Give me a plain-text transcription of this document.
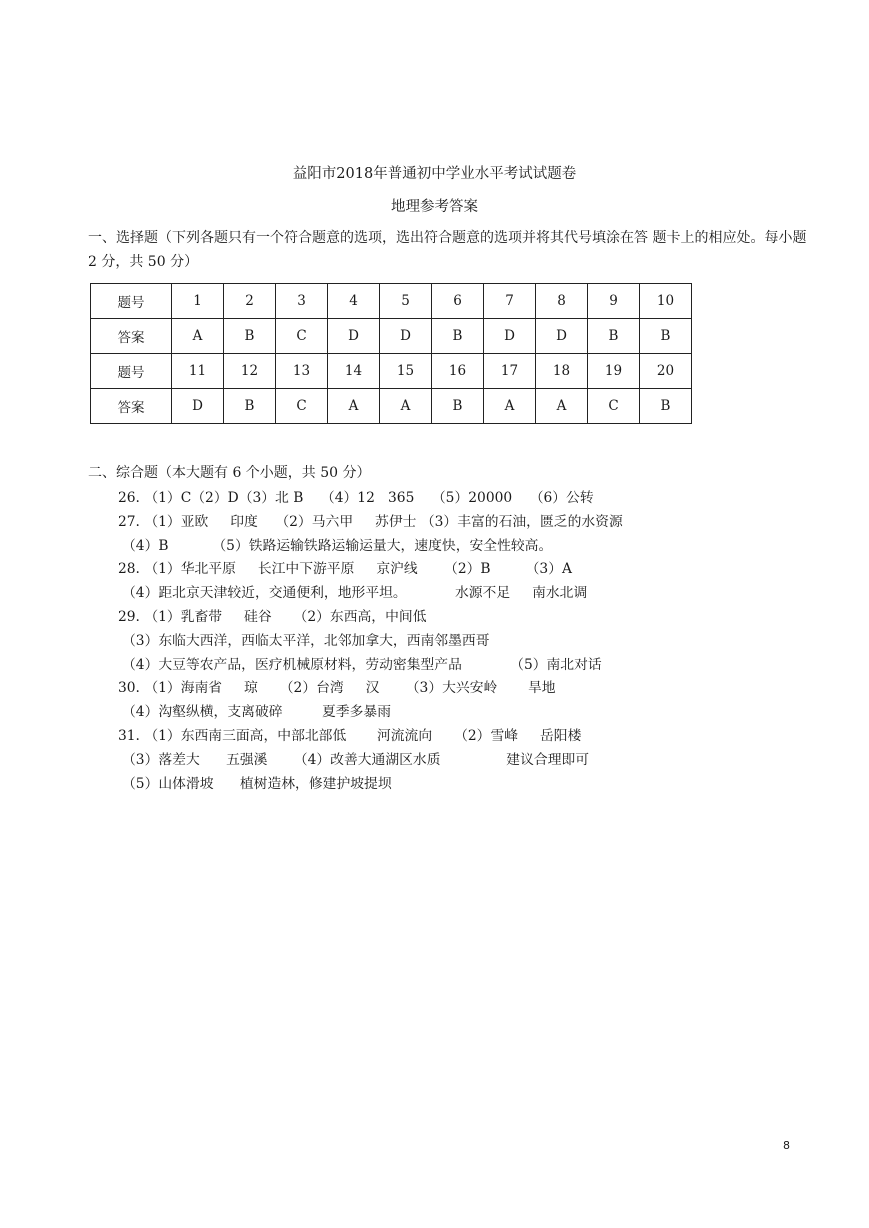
益阳市2018年普通初中学业水平考试试题卷
地理参考答案
一、选择题（下列各题只有一个符合题意的选项，选出符合题意的选项并将其代号填涂在答 题卡上的相应处。每小题 2 分，共 50 分）
题号	1	2	3	4	5	6	7	8	9	10
答案	A	B	C	D	D	B	D	D	B	B
题号	11	12	13	14	15	16	17	18	19	20
答案	D	B	C	A	A	B	A	A	C	B
二、综合题（本大题有 6 个小题，共 50 分）
26. （1）C（2）D（3）北 B    （4）12   365    （5）20000    （6）公转
27. （1）亚欧     印度    （2）马六甲     苏伊士 （3）丰富的石油，匮乏的水资源
（4）B          （5）铁路运输铁路运输运量大，速度快，安全性较高。
28. （1）华北平原     长江中下游平原     京沪线      （2）B        （3）A
（4）距北京天津较近，交通便利，地形平坦。           水源不足     南水北调
29. （1）乳畜带     硅谷     （2）东西高，中间低
（3）东临大西洋，西临太平洋，北邻加拿大，西南邻墨西哥
（4）大豆等农产品，医疗机械原材料，劳动密集型产品           （5）南北对话
30. （1）海南省     琼     （2）台湾     汉      （3）大兴安岭       旱地
（4）沟壑纵横，支离破碎         夏季多暴雨
31. （1）东西南三面高，中部北部低       河流流向     （2）雪峰     岳阳楼
（3）落差大      五强溪      （4）改善大通湖区水质               建议合理即可
（5）山体滑坡      植树造林，修建护坡提坝
8
